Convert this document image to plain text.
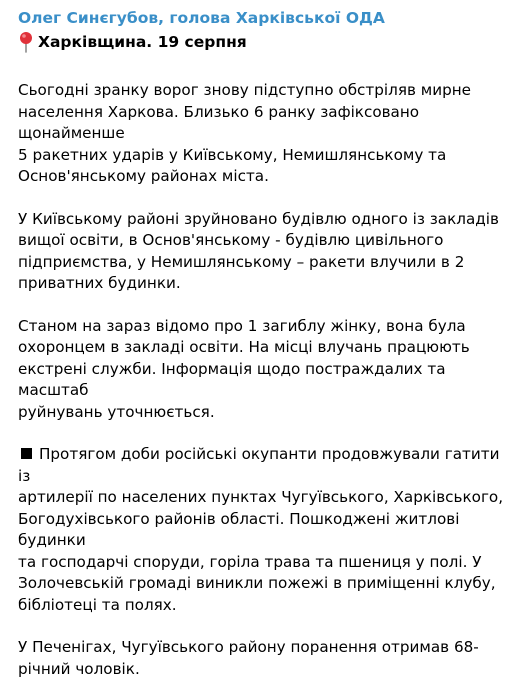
Олег Синєгубов, голова Харківської ОДА
Харківщина. 19 серпня

Сьогодні зранку ворог знову підступно обстріляв мирне
населення Харкова. Близько 6 ранку зафіксовано щонайменше
5 ракетних ударів у Київському, Немишлянському та
Основ'янському районах міста.

У Київському районі зруйновано будівлю одного із закладів
вищої освіти, в Основ'янському - будівлю цивільного
підприємства, у Немишлянському – ракети влучили в 2
приватних будинки.

Станом на зараз відомо про 1 загиблу жінку, вона була
охоронцем в закладі освіти. На місці влучань працюють
екстрені служби. Інформація щодо постраждалих та масштаб
руйнувань уточнюється.

Протягом доби російські окупанти продовжували гатити із
артилерії по населених пунктах Чугуївського, Харківського,
Богодухівського районів області. Пошкоджені житлові будинки
та господарчі споруди, горіла трава та пшениця у полі. У
Золочевській громаді виникли пожежі в приміщенні клубу,
бібліотеці та полях.

У Печенігах, Чугуївського району поранення отримав 68-
річний чоловік.
